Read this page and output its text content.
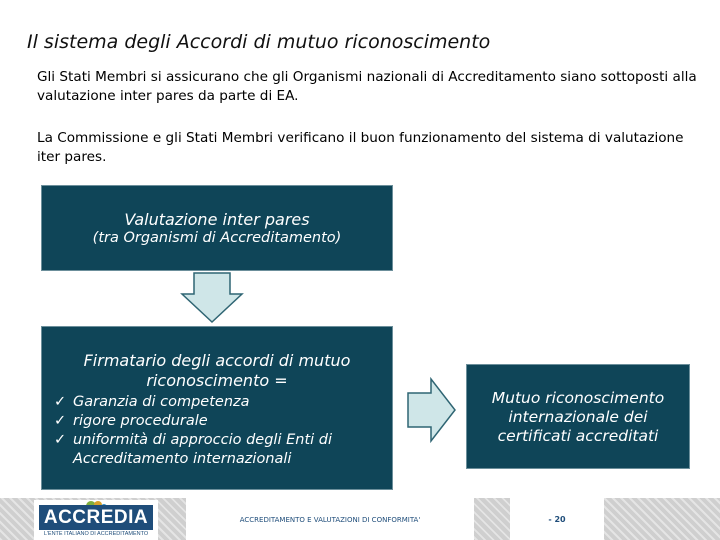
Il sistema degli Accordi di mutuo riconoscimento
Gli Stati Membri si assicurano che gli Organismi nazionali di Accreditamento siano sottoposti alla valutazione inter pares da parte di EA.
La Commissione e gli Stati Membri verificano il buon funzionamento del sistema di valutazione iter pares.
Valutazione inter pares
(tra Organismi di Accreditamento)
Firmatario degli accordi di mutuo riconoscimento =
✓ Garanzia di competenza
✓ rigore procedurale
✓ uniformità di approccio degli Enti di Accreditamento internazionali
Mutuo riconoscimento internazionale dei certificati accreditati
ACCREDIA
L'ENTE ITALIANO DI ACCREDITAMENTO
ACCREDITAMENTO E VALUTAZIONI DI CONFORMITA'	- 20
